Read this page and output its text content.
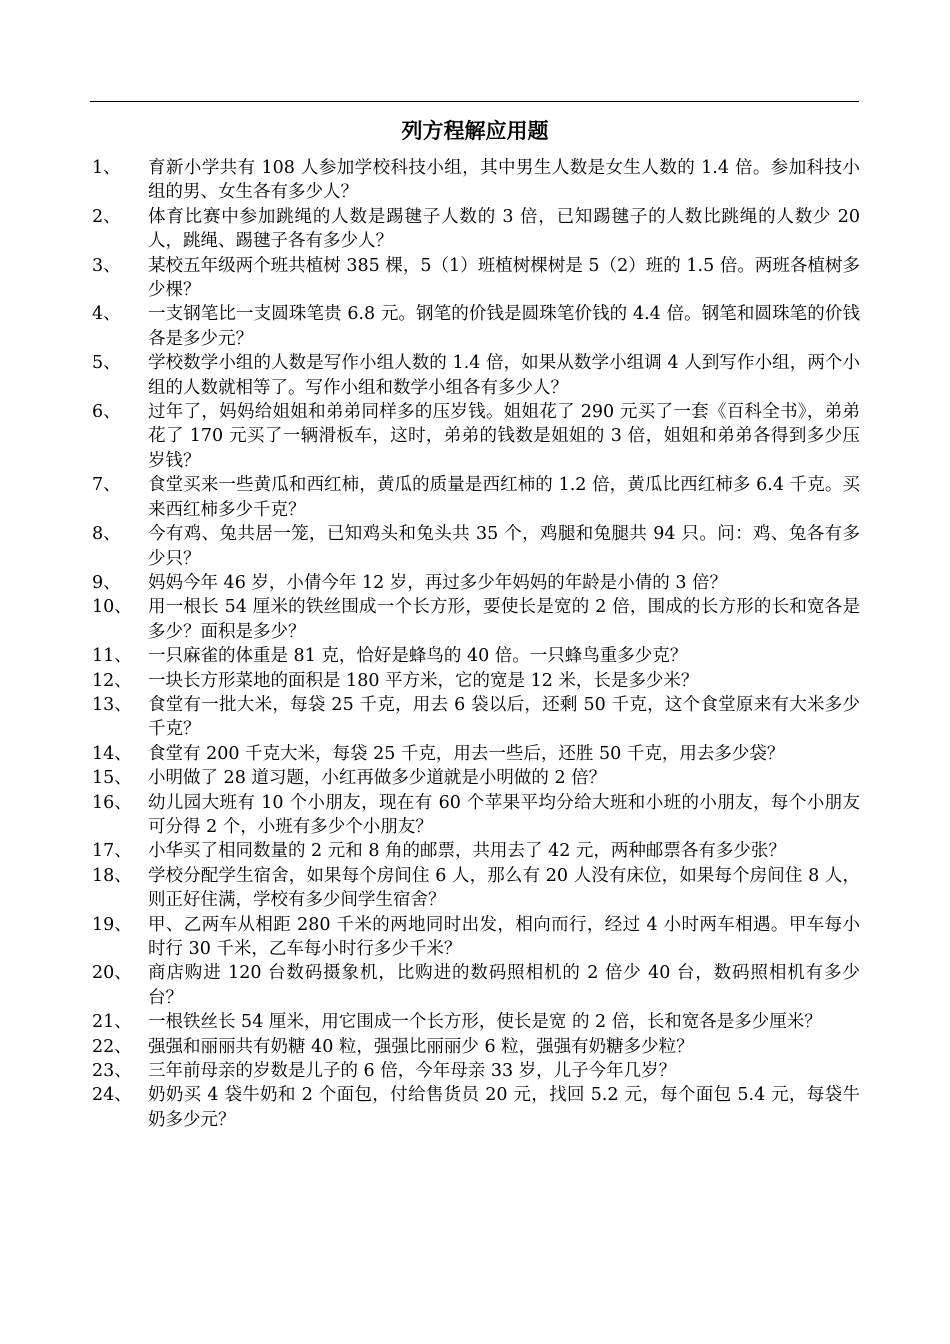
列方程解应用题
1、 育新小学共有 108 人参加学校科技小组，其中男生人数是女生人数的 1.4 倍。参加科技小组的男、女生各有多少人？
2、 体育比赛中参加跳绳的人数是踢毽子人数的 3 倍，已知踢毽子的人数比跳绳的人数少 20 人，跳绳、踢毽子各有多少人？
3、 某校五年级两个班共植树 385 棵，5（1）班植树棵树是 5（2）班的 1.5 倍。两班各植树多少棵？
4、 一支钢笔比一支圆珠笔贵 6.8 元。钢笔的价钱是圆珠笔价钱的 4.4 倍。钢笔和圆珠笔的价钱各是多少元？
5、 学校数学小组的人数是写作小组人数的 1.4 倍，如果从数学小组调 4 人到写作小组，两个小组的人数就相等了。写作小组和数学小组各有多少人？
6、 过年了，妈妈给姐姐和弟弟同样多的压岁钱。姐姐花了 290 元买了一套《百科全书》，弟弟花了 170 元买了一辆滑板车，这时，弟弟的钱数是姐姐的 3 倍，姐姐和弟弟各得到多少压岁钱？
7、 食堂买来一些黄瓜和西红柿，黄瓜的质量是西红柿的 1.2 倍，黄瓜比西红柿多 6.4 千克。买来西红柿多少千克？
8、 今有鸡、兔共居一笼，已知鸡头和兔头共 35 个，鸡腿和兔腿共 94 只。问：鸡、兔各有多少只？
9、 妈妈今年 46 岁，小倩今年 12 岁，再过多少年妈妈的年龄是小倩的 3 倍？
10、 用一根长 54 厘米的铁丝围成一个长方形，要使长是宽的 2 倍，围成的长方形的长和宽各是多少？面积是多少？
11、 一只麻雀的体重是 81 克，恰好是蜂鸟的 40 倍。一只蜂鸟重多少克？
12、 一块长方形菜地的面积是 180 平方米，它的宽是 12 米，长是多少米？
13、 食堂有一批大米，每袋 25 千克，用去 6 袋以后，还剩 50 千克，这个食堂原来有大米多少千克？
14、 食堂有 200 千克大米，每袋 25 千克，用去一些后，还胜 50 千克，用去多少袋？
15、 小明做了 28 道习题，小红再做多少道就是小明做的 2 倍？
16、 幼儿园大班有 10 个小朋友，现在有 60 个苹果平均分给大班和小班的小朋友，每个小朋友可分得 2 个，小班有多少个小朋友？
17、 小华买了相同数量的 2 元和 8 角的邮票，共用去了 42 元，两种邮票各有多少张？
18、 学校分配学生宿舍，如果每个房间住 6 人，那么有 20 人没有床位，如果每个房间住 8 人，则正好住满，学校有多少间学生宿舍？
19、 甲、乙两车从相距 280 千米的两地同时出发，相向而行，经过 4 小时两车相遇。甲车每小时行 30 千米，乙车每小时行多少千米？
20、 商店购进 120 台数码摄象机，比购进的数码照相机的 2 倍少 40 台，数码照相机有多少台？
21、 一根铁丝长 54 厘米，用它围成一个长方形，使长是宽 的 2 倍，长和宽各是多少厘米？
22、 强强和丽丽共有奶糖 40 粒，强强比丽丽少 6 粒，强强有奶糖多少粒？
23、 三年前母亲的岁数是儿子的 6 倍，今年母亲 33 岁，儿子今年几岁？
24、 奶奶买 4 袋牛奶和 2 个面包，付给售货员 20 元，找回 5.2 元，每个面包 5.4 元，每袋牛奶多少元？
